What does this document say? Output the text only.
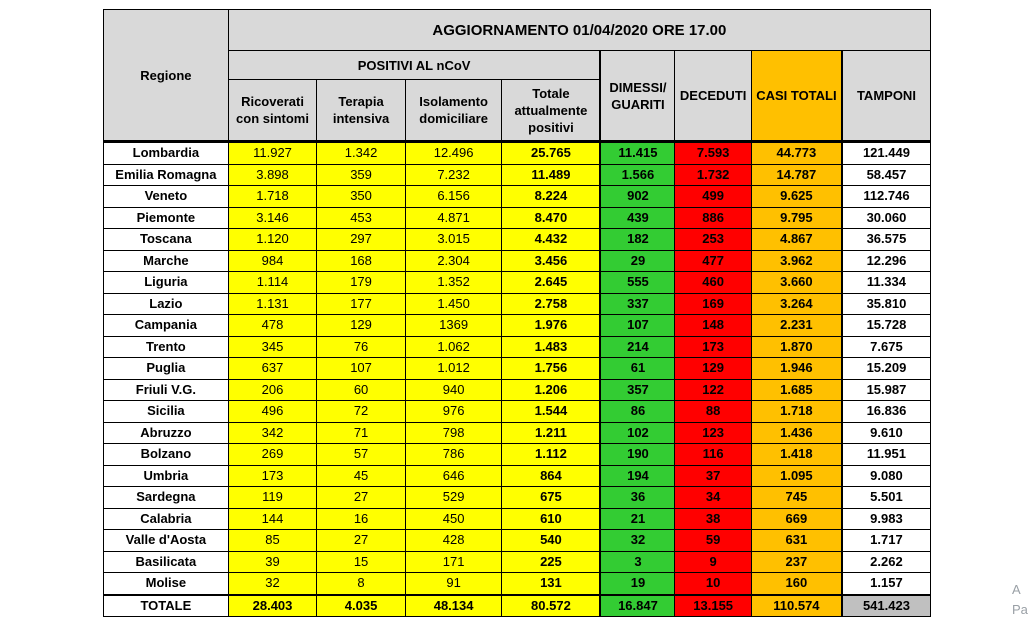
Regione	AGGIORNAMENTO 01/04/2020 ORE 17.00							
	POSITIVI AL nCoV				DIMESSI/ GUARITI	DECEDUTI	CASI TOTALI	TAMPONI
	Ricoverati con sintomi	Terapia intensiva	Isolamento domiciliare	Totale attualmente positivi				
Lombardia	11.927	1.342	12.496	25.765	11.415	7.593	44.773	121.449
Emilia Romagna	3.898	359	7.232	11.489	1.566	1.732	14.787	58.457
Veneto	1.718	350	6.156	8.224	902	499	9.625	112.746
Piemonte	3.146	453	4.871	8.470	439	886	9.795	30.060
Toscana	1.120	297	3.015	4.432	182	253	4.867	36.575
Marche	984	168	2.304	3.456	29	477	3.962	12.296
Liguria	1.114	179	1.352	2.645	555	460	3.660	11.334
Lazio	1.131	177	1.450	2.758	337	169	3.264	35.810
Campania	478	129	1369	1.976	107	148	2.231	15.728
Trento	345	76	1.062	1.483	214	173	1.870	7.675
Puglia	637	107	1.012	1.756	61	129	1.946	15.209
Friuli V.G.	206	60	940	1.206	357	122	1.685	15.987
Sicilia	496	72	976	1.544	86	88	1.718	16.836
Abruzzo	342	71	798	1.211	102	123	1.436	9.610
Bolzano	269	57	786	1.112	190	116	1.418	11.951
Umbria	173	45	646	864	194	37	1.095	9.080
Sardegna	119	27	529	675	36	34	745	5.501
Calabria	144	16	450	610	21	38	669	9.983
Valle d'Aosta	85	27	428	540	32	59	631	1.717
Basilicata	39	15	171	225	3	9	237	2.262
Molise	32	8	91	131	19	10	160	1.157
TOTALE	28.403	4.035	48.134	80.572	16.847	13.155	110.574	541.423
A
Pa
